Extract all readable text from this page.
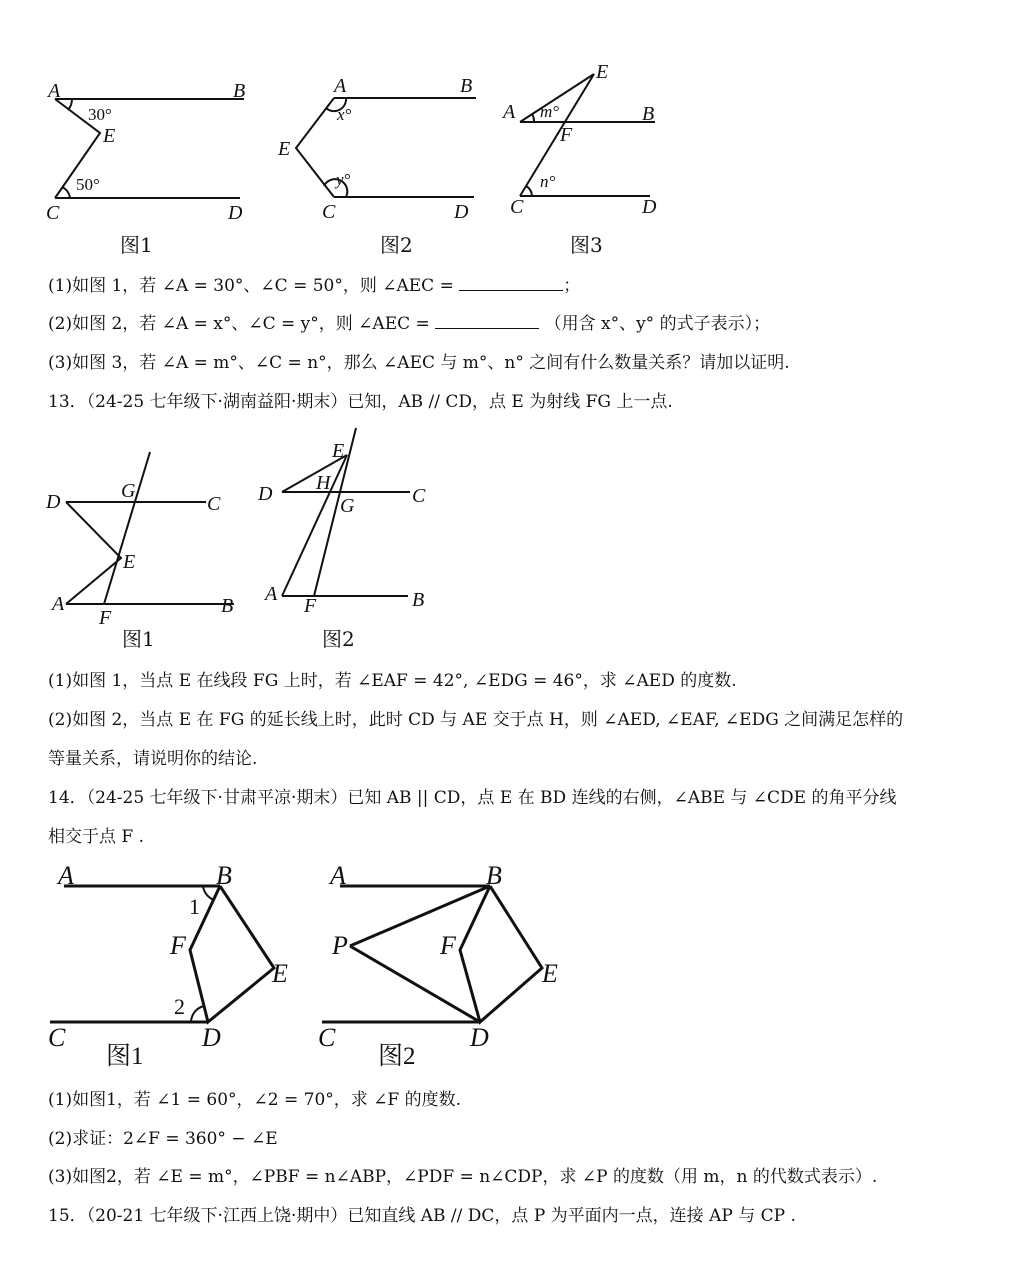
A	B
C	D
E
30°
50°
图1
A	B
C	D
E
x°
y°
图2
A	B
C	D
E
F
m°
n°
图3
D	C
G
E
A	B
F
图1
D	C
E
H
G
A	B
F
图2
A	B
C	D
E
F
1
2
图1
A	B
C	D
E
F
P
图2
(1)如图 1，若 ∠A = 30°、∠C = 50°，则 ∠AEC =	；
(2)如图 2，若 ∠A = x°、∠C = y°，则 ∠AEC =	（用含 x°、y° 的式子表示）；
(3)如图 3，若 ∠A = m°、∠C = n°，那么 ∠AEC 与 m°、n° 之间有什么数量关系？请加以证明.
13．（24-25 七年级下·湖南益阳·期末）已知，AB // CD，点 E 为射线 FG 上一点.
(1)如图 1，当点 E 在线段 FG 上时，若 ∠EAF = 42°, ∠EDG = 46°，求 ∠AED 的度数.
(2)如图 2，当点 E 在 FG 的延长线上时，此时 CD 与 AE 交于点 H，则 ∠AED, ∠EAF, ∠EDG 之间满足怎样的
等量关系，请说明你的结论.
14．（24-25 七年级下·甘肃平凉·期末）已知 AB || CD，点 E 在 BD 连线的右侧，∠ABE 与 ∠CDE 的角平分线
相交于点 F .
(1)如图1，若 ∠1 = 60°，∠2 = 70°，求 ∠F 的度数.
(2)求证：2∠F = 360° − ∠E
(3)如图2，若 ∠E = m°，∠PBF = n∠ABP，∠PDF = n∠CDP，求 ∠P 的度数（用 m，n 的代数式表示）.
15．（20-21 七年级下·江西上饶·期中）已知直线 AB // DC，点 P 为平面内一点，连接 AP 与 CP .
